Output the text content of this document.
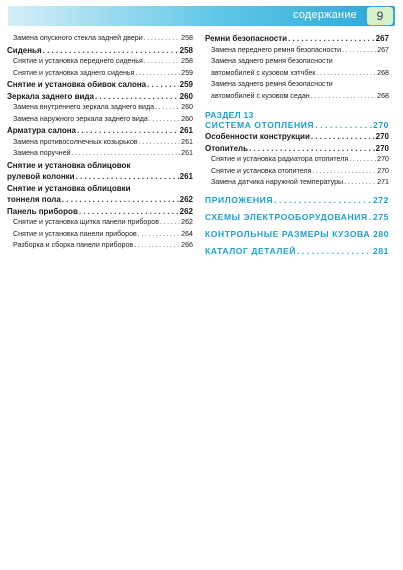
содержание	9
Замена опускного стекла задней двери .....	258
Сиденья .....	258
Снятие и установка переднего сиденья .....	258
Снятие и установка заднего сиденья .....	259
Снятие и установка обивок салона .....	259
Зеркала заднего вида .....	260
Замена внутреннего зеркала заднего вида .....	260
Замена наружного зеркала заднего вида .....	260
Арматура салона .....	261
Замена противосолнечных козырьков .....	261
Замена поручней .....	261
Снятие и установка облицовок
рулевой колонки .....	261
Снятие и установка облицовки
тоннеля пола .....	262
Панель приборов .....	262
Снятие и установка щитка панели приборов .....	262
Снятие и установка панели приборов .....	264
Разборка и сборка панели приборов .....	266
Ремни безопасности .....	267
Замена переднего ремня безопасности .....	267
Замена заднего ремня безопасности
автомобилей с кузовом хэтчбек .....	268
Замена заднего ремня безопасности
автомобилей с кузовом седан .....	268
РАЗДЕЛ 13
СИСТЕМА ОТОПЛЕНИЯ .....	270
Особенности конструкции .....	270
Отопитель .....	270
Снятие и установка радиатора отопителя .....	270
Снятие и установка отопителя .....	270
Замена датчика наружной температуры .....	271
ПРИЛОЖЕНИЯ .....	272
СХЕМЫ ЭЛЕКТРООБОРУДОВАНИЯ ..... 275
КОНТРОЛЬНЫЕ РАЗМЕРЫ КУЗОВА ..... 280
КАТАЛОГ ДЕТАЛЕЙ .....	281
